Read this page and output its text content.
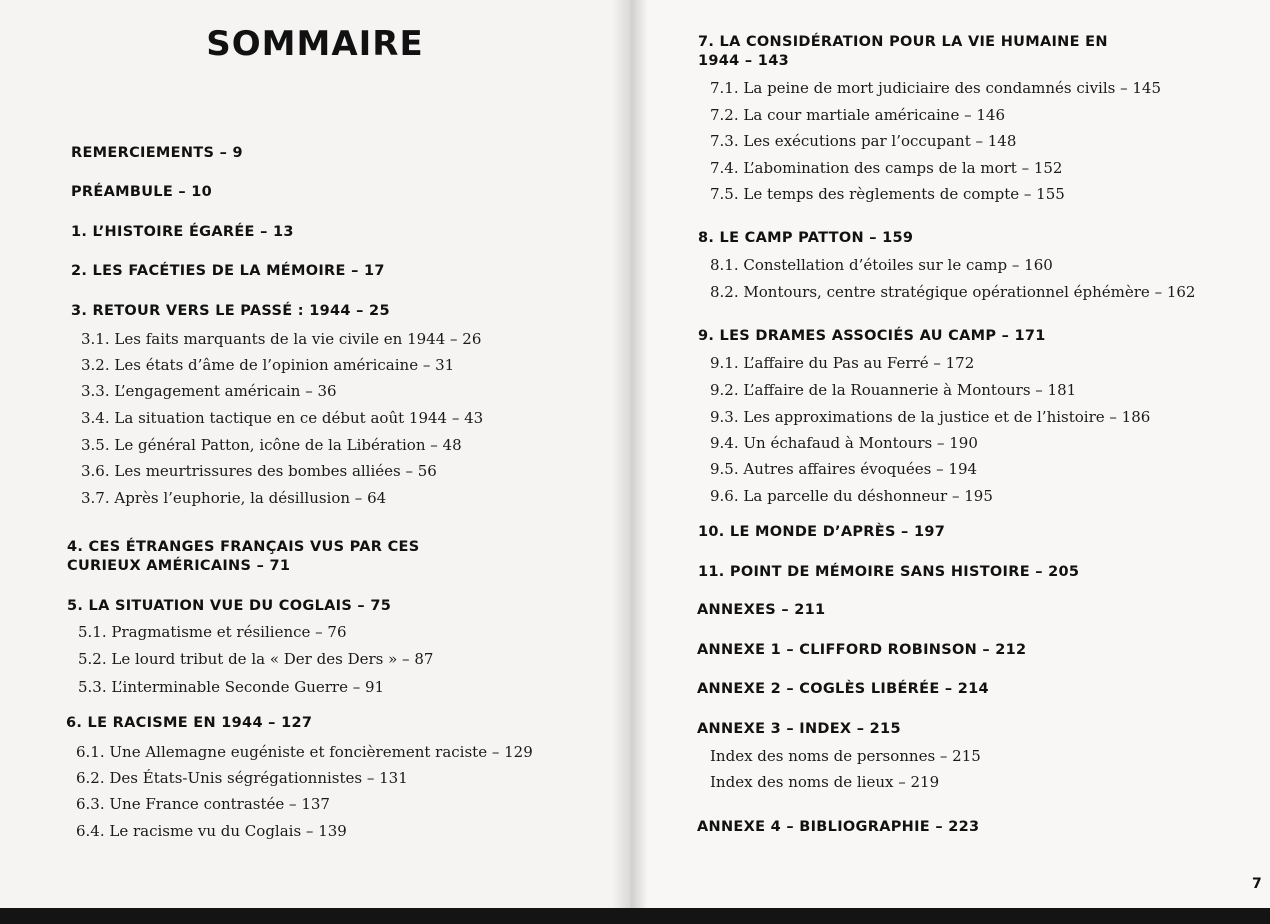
SOMMAIRE

REMERCIEMENTS – 9

PRÉAMBULE – 10

1. L’HISTOIRE ÉGARÉE – 13

2. LES FACÉTIES DE LA MÉMOIRE – 17

3. RETOUR VERS LE PASSÉ : 1944 – 25

3.1. Les faits marquants de la vie civile en 1944 – 26

3.2. Les états d’âme de l’opinion américaine – 31

3.3. L’engagement américain – 36

3.4. La situation tactique en ce début août 1944 – 43

3.5. Le général Patton, icône de la Libération – 48

3.6. Les meurtrissures des bombes alliées – 56

3.7. Après l’euphorie, la désillusion – 64

4. CES ÉTRANGES FRANÇAIS VUS PAR CES

CURIEUX AMÉRICAINS – 71

5. LA SITUATION VUE DU COGLAIS – 75

5.1. Pragmatisme et résilience – 76

5.2. Le lourd tribut de la « Der des Ders » – 87

5.3. L’interminable Seconde Guerre – 91

6. LE RACISME EN 1944 – 127

6.1. Une Allemagne eugéniste et foncièrement raciste – 129

6.2. Des États-Unis ségrégationnistes – 131

6.3. Une France contrastée – 137

6.4. Le racisme vu du Coglais – 139

7. LA CONSIDÉRATION POUR LA VIE HUMAINE EN

1944 – 143

7.1. La peine de mort judiciaire des condamnés civils – 145

7.2. La cour martiale américaine – 146

7.3. Les exécutions par l’occupant – 148

7.4. L’abomination des camps de la mort – 152

7.5. Le temps des règlements de compte – 155

8. LE CAMP PATTON – 159

8.1. Constellation d’étoiles sur le camp – 160

8.2. Montours, centre stratégique opérationnel éphémère – 162

9. LES DRAMES ASSOCIÉS AU CAMP – 171

9.1. L’affaire du Pas au Ferré – 172

9.2. L’affaire de la Rouannerie à Montours – 181

9.3. Les approximations de la justice et de l’histoire – 186

9.4. Un échafaud à Montours – 190

9.5. Autres affaires évoquées – 194

9.6. La parcelle du déshonneur – 195

10. LE MONDE D’APRÈS – 197

11. POINT DE MÉMOIRE SANS HISTOIRE – 205

ANNEXES – 211

ANNEXE 1 – CLIFFORD ROBINSON – 212

ANNEXE 2 – COGLÈS LIBÉRÉE – 214

ANNEXE 3 – INDEX – 215

Index des noms de personnes – 215

Index des noms de lieux – 219

ANNEXE 4 – BIBLIOGRAPHIE – 223

7
